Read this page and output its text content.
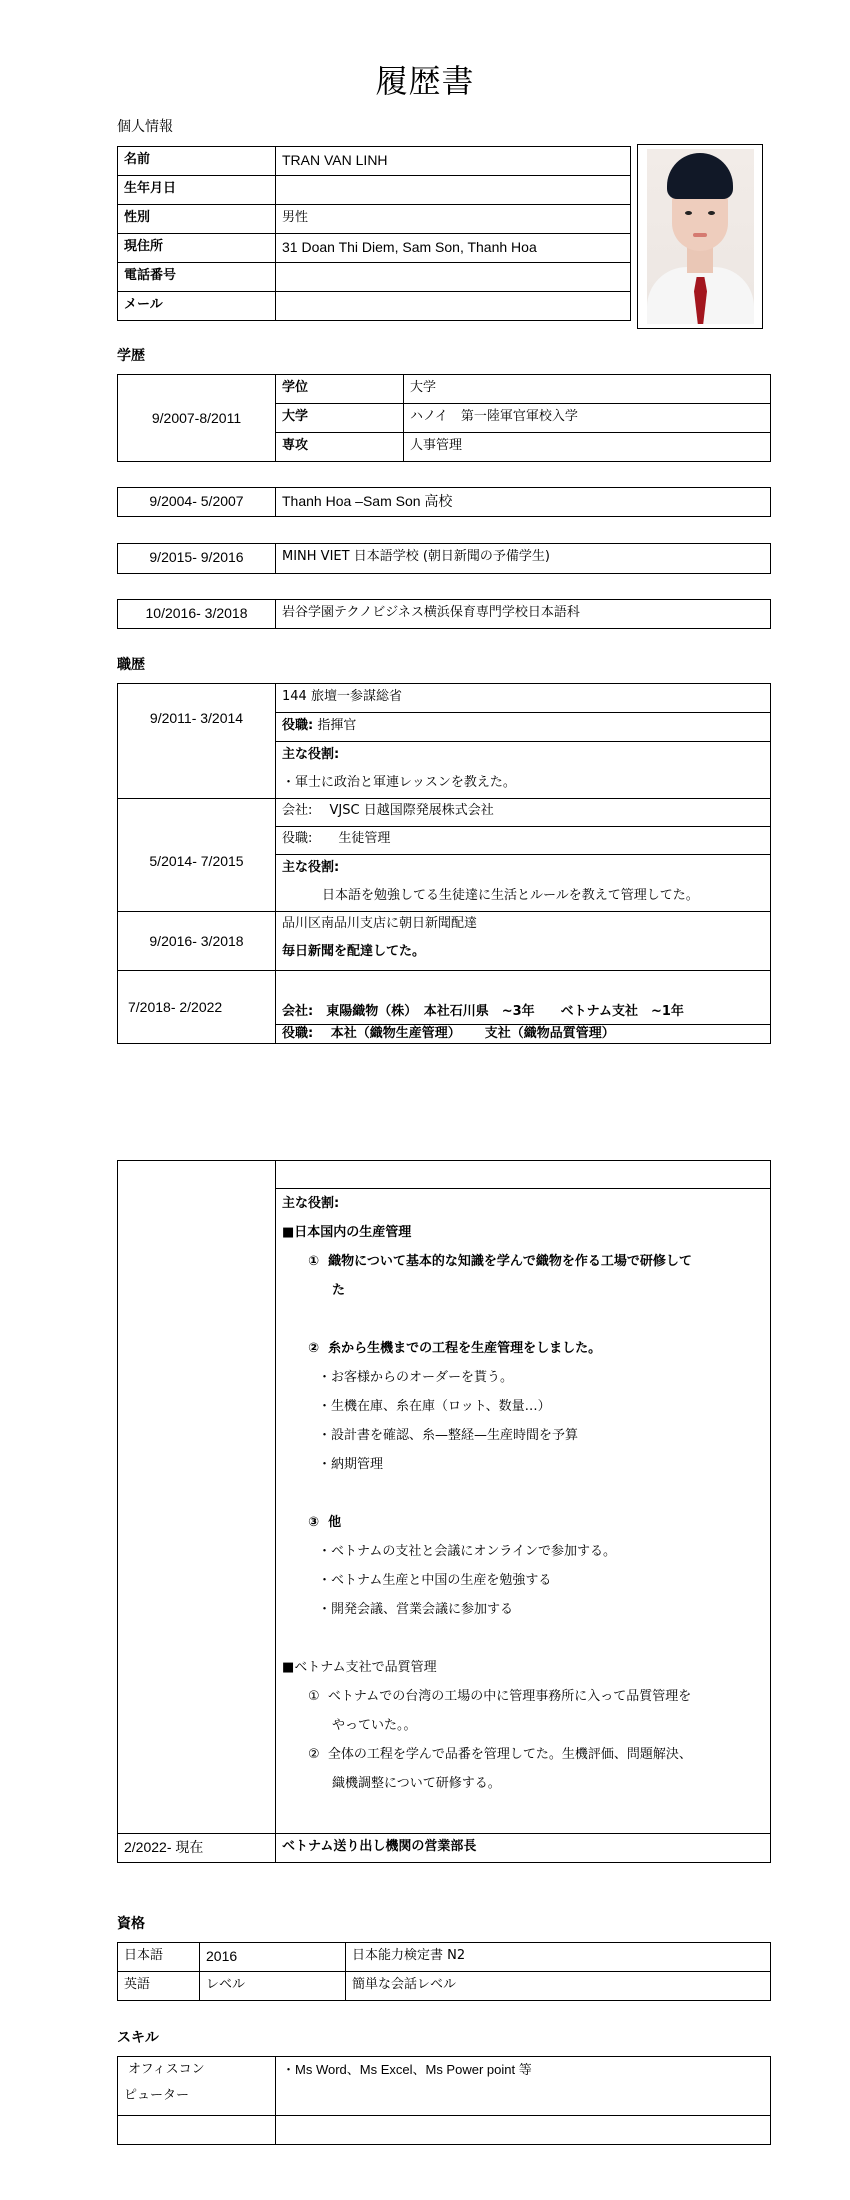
履歴書
個人情報
名前	TRAN VAN LINH
生年月日	
性別	男性
現住所	31 Doan Thi Diem, Sam Son, Thanh Hoa
電話番号	
メール	
学歴
9/2007-8/2011	学位	大学
	大学	ハノイ　第一陸軍官軍校入学
	専攻	人事管理
9/2004- 5/2007	Thanh Hoa –Sam Son 高校
9/2015- 9/2016	MINH VIET 日本語学校 (朝日新聞の予備学生)
10/2016- 3/2018	岩谷学園テクノビジネス横浜保育専門学校日本語科
職歴
9/2011- 3/2014	144 旅壇一参謀総省
	役職: 指揮官

	主な役割:
・軍士に政治と軍連レッスンを教えた。

5/2014- 7/2015	会社:　 VJSC 日越国際発展株式会社
	役職:　　生徒管理

	主な役割:
日本語を勉強してる生徒達に生活とルールを教えて管理してた。

9/2016- 3/2018	品川区南品川支店に朝日新聞配達
毎日新聞を配達してた。

7/2018- 2/2022	会社:　東陽織物（株）　本社石川県　~3年　　ベトナム支社　~1年
	役職:　 本社（織物生産管理）　　 支社（織物品質管理）

主な役割:
■日本国内の生産管理
① 織物について基本的な知識を学んで織物を作る工場で研修して
た
② 糸から生機までの工程を生産管理をしました。
・お客様からのオーダーを貰う。
・生機在庫、糸在庫（ロット、数量…）
・設計書を確認、糸—整経—生産時間を予算
・納期管理
③ 他
・ベトナムの支社と会議にオンラインで参加する。
・ベトナム生産と中国の生産を勉強する
・開発会議、営業会議に参加する
■ベトナム支社で品質管理
① ベトナムでの台湾の工場の中に管理事務所に入って品質管理を
やっていた。。
② 全体の工程を学んで品番を管理してた。生機評価、問題解決、
織機調整について研修する。

2/2022- 現在	ベトナム送り出し機関の営業部長
資格
日本語	2016	日本能力検定書 N2
英語	レベル	簡単な会話レベル
スキル
オフィスコン
ピューター	・Ms Word、Ms Excel、Ms Power point 等
